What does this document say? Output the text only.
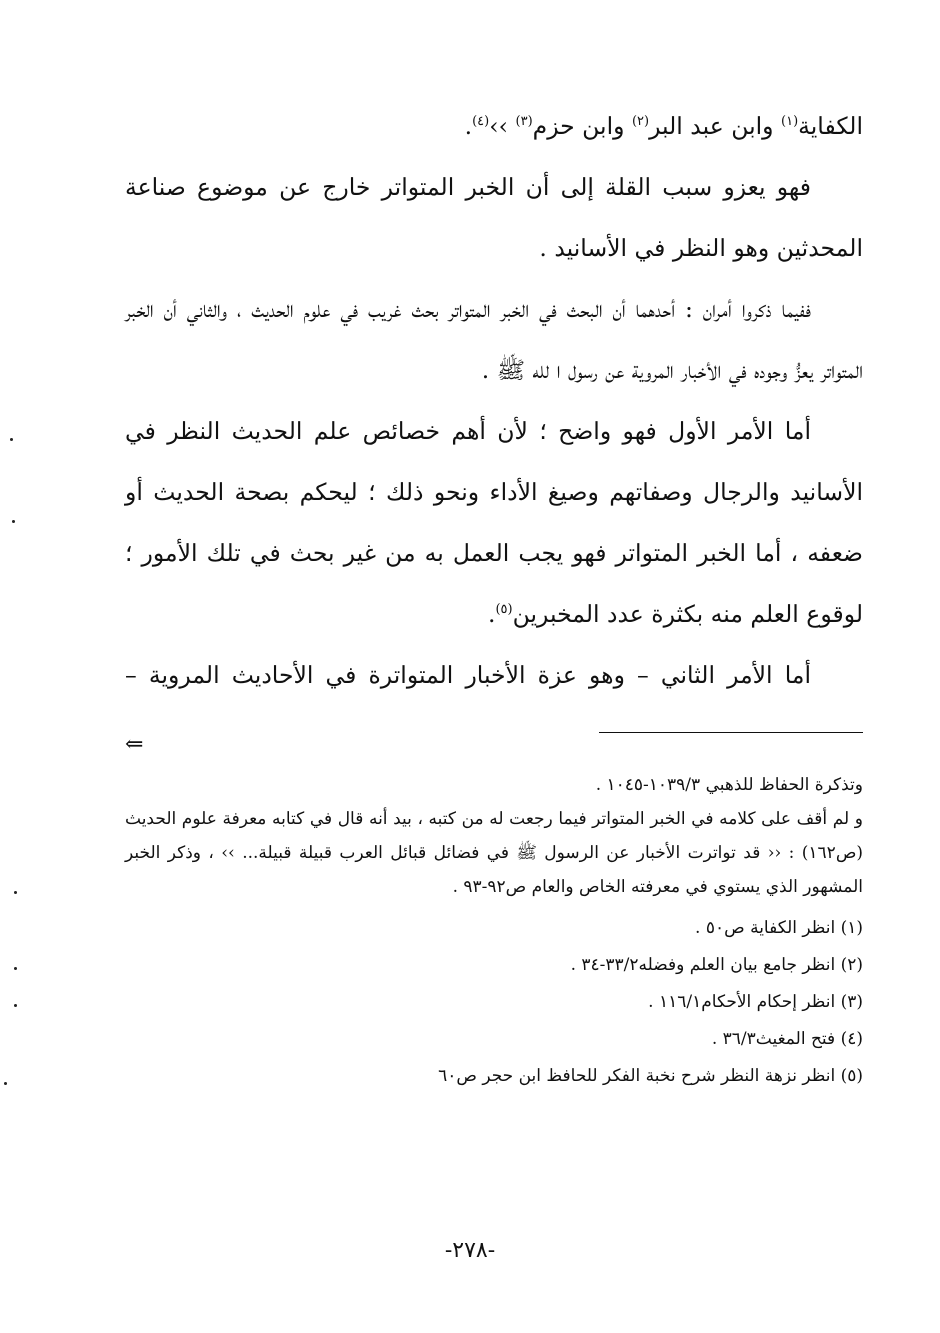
الكفاية$^{(١)}$ وابن عبد البر$^{(٢)}$ وابن حزم$^{(٣)}$ ››$^{(٤)}$.

فهو يعزو سبب القلة إلى أن الخبر المتواتر خارج عن موضوع صناعة المحدثين وهو النظر في الأسانيد .

ففيما ذكروا أمران : أحدهما أن البحث في الخبر المتواتر بحث غريب في علوم الحديث ، والثاني أن الخبر المتواتر يعزُّ وجوده في الأخبار المروية عن رسول ا لله ﷺ .

أما الأمر الأول فهو واضح ؛ لأن أهم خصائص علم الحديث النظر في الأسانيد والرجال وصفاتهم وصيغ الأداء ونحو ذلك ؛ ليحكم بصحة الحديث أو ضعفه ، أما الخبر المتواتر فهو يجب العمل به من غير بحث في تلك الأمور ؛ لوقوع العلم منه بكثرة عدد المخبرين$^{(٥)}$.

أما الأمر الثاني – وهو عزة الأخبار المتواترة في الأحاديث المروية –

⇐

وتذكرة الحفاظ للذهبي ١٠٣٩/٣-١٠٤٥ .

و لم أقف على كلامه في الخبر المتواتر فيما رجعت له من كتبه ، بيد أنه قال في كتابه معرفة علوم الحديث (ص١٦٢) : ‹‹ قد تواترت الأخبار عن الرسول ﷺ في فضائل قبائل العرب قبيلة قبيلة... ›› ، وذكر الخبر المشهور الذي يستوي في معرفته الخاص والعام ص٩٢-٩٣ .

(١) انظر الكفاية ص٥٠ .

(٢) انظر جامع بيان العلم وفضله٣٣/٢-٣٤ .

(٣) انظر إحكام الأحكام١١٦/١ .

(٤) فتح المغيث٣٦/٣ .

(٥) انظر نزهة النظر شرح نخبة الفكر للحافظ ابن حجر ص٦٠

-٢٧٨-
